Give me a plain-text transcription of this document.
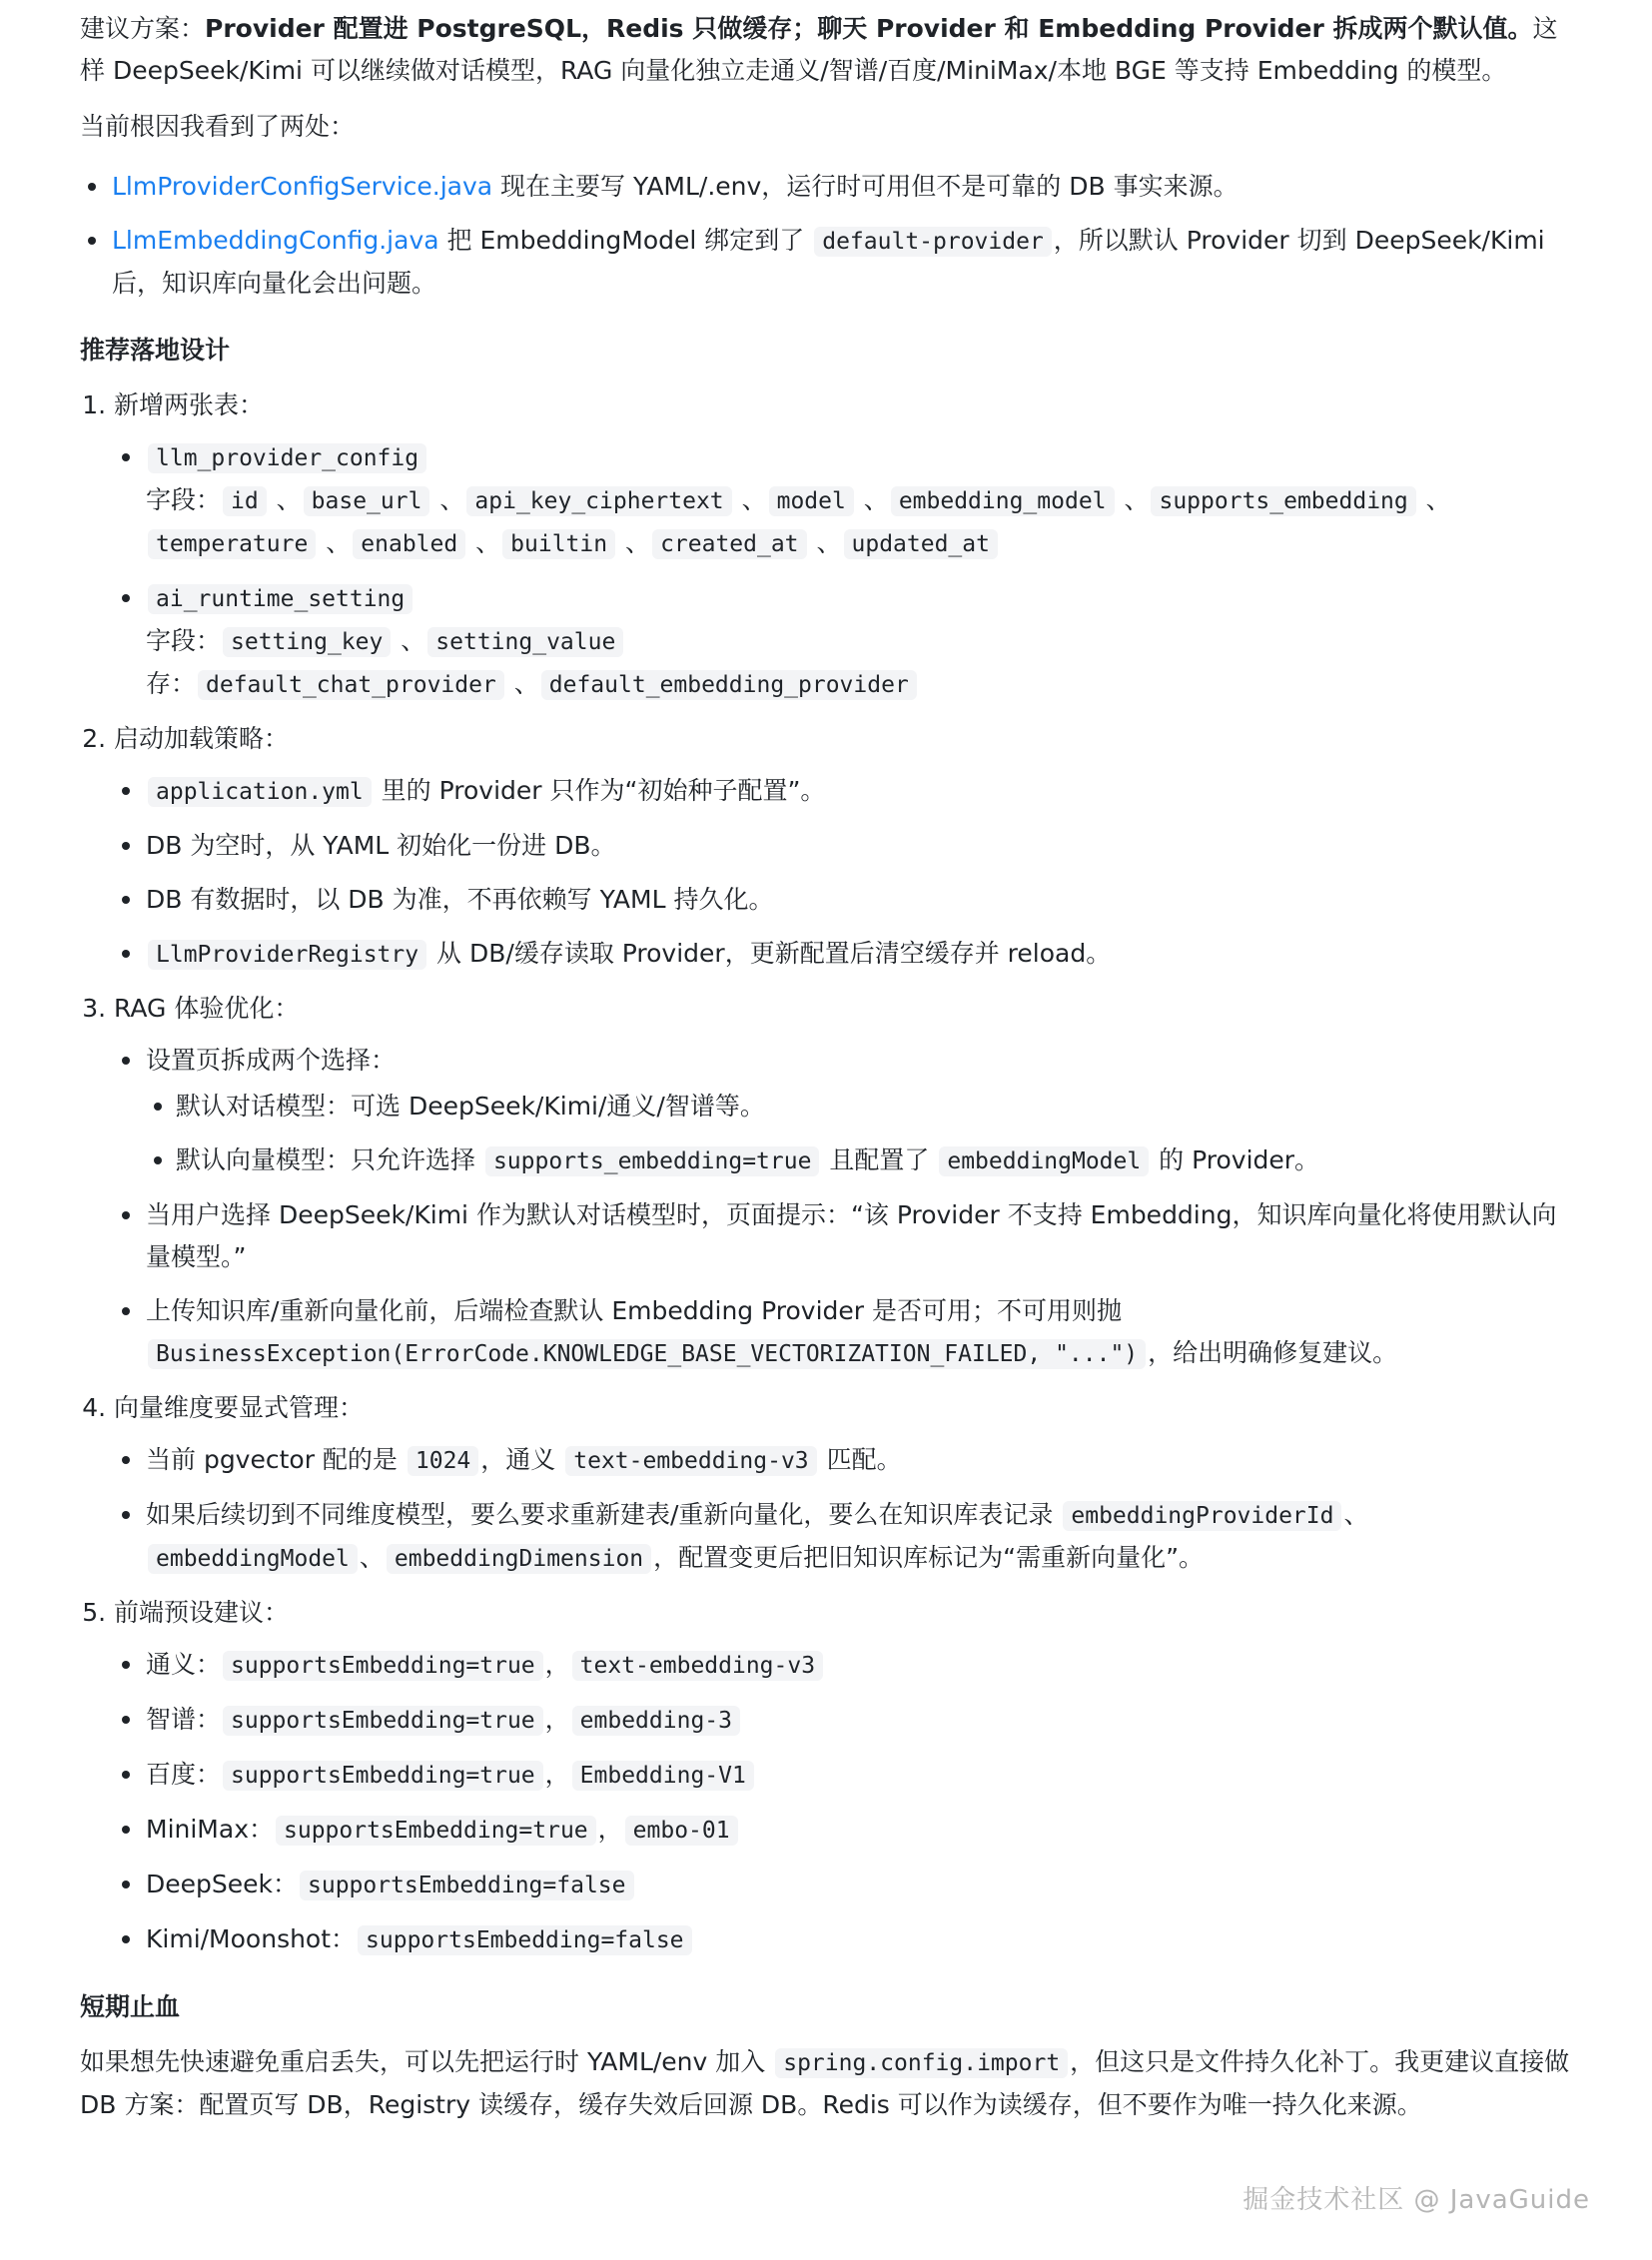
建议方案：Provider 配置进 PostgreSQL，Redis 只做缓存；聊天 Provider 和 Embedding Provider 拆成两个默认值。这样 DeepSeek/Kimi 可以继续做对话模型，RAG 向量化独立走通义/智谱/百度/MiniMax/本地 BGE 等支持 Embedding 的模型。

当前根因我看到了两处：

LlmProviderConfigService.java 现在主要写 YAML/.env，运行时可用但不是可靠的 DB 事实来源。
LlmEmbeddingConfig.java 把 EmbeddingModel 绑定到了 default-provider ，所以默认 Provider 切到 DeepSeek/Kimi 后，知识库向量化会出问题。
推荐落地设计
1. 新增两张表：
llm_provider_config
字段： id 、 base_url 、 api_key_ciphertext 、 model 、 embedding_model 、 supports_embedding 、temperature 、 enabled 、 builtin 、 created_at 、 updated_at
ai_runtime_setting
字段： setting_key 、 setting_value
存： default_chat_provider 、 default_embedding_provider
2. 启动加载策略：
application.yml 里的 Provider 只作为“初始种子配置”。
DB 为空时，从 YAML 初始化一份进 DB。
DB 有数据时，以 DB 为准，不再依赖写 YAML 持久化。
LlmProviderRegistry 从 DB/缓存读取 Provider，更新配置后清空缓存并 reload。
3. RAG 体验优化：
设置页拆成两个选择：
默认对话模型：可选 DeepSeek/Kimi/通义/智谱等。
默认向量模型：只允许选择 supports_embedding=true 且配置了 embeddingModel 的 Provider。
当用户选择 DeepSeek/Kimi 作为默认对话模型时，页面提示：“该 Provider 不支持 Embedding，知识库向量化将使用默认向量模型。”
上传知识库/重新向量化前，后端检查默认 Embedding Provider 是否可用；不可用则抛 BusinessException(ErrorCode.KNOWLEDGE_BASE_VECTORIZATION_FAILED, "...") ，给出明确修复建议。
4. 向量维度要显式管理：
当前 pgvector 配的是 1024 ，通义 text-embedding-v3 匹配。
如果后续切到不同维度模型，要么要求重新建表/重新向量化，要么在知识库表记录 embeddingProviderId 、embeddingModel 、 embeddingDimension ，配置变更后把旧知识库标记为“需重新向量化”。
5. 前端预设建议：
通义： supportsEmbedding=true ， text-embedding-v3
智谱： supportsEmbedding=true ， embedding-3
百度： supportsEmbedding=true ， Embedding-V1
MiniMax： supportsEmbedding=true ， embo-01
DeepSeek： supportsEmbedding=false
Kimi/Moonshot： supportsEmbedding=false
短期止血

如果想先快速避免重启丢失，可以先把运行时 YAML/env 加入 spring.config.import ，但这只是文件持久化补丁。我更建议直接做 DB 方案：配置页写 DB，Registry 读缓存，缓存失效后回源 DB。Redis 可以作为读缓存，但不要作为唯一持久化来源。

掘金技术社区 @ JavaGuide
